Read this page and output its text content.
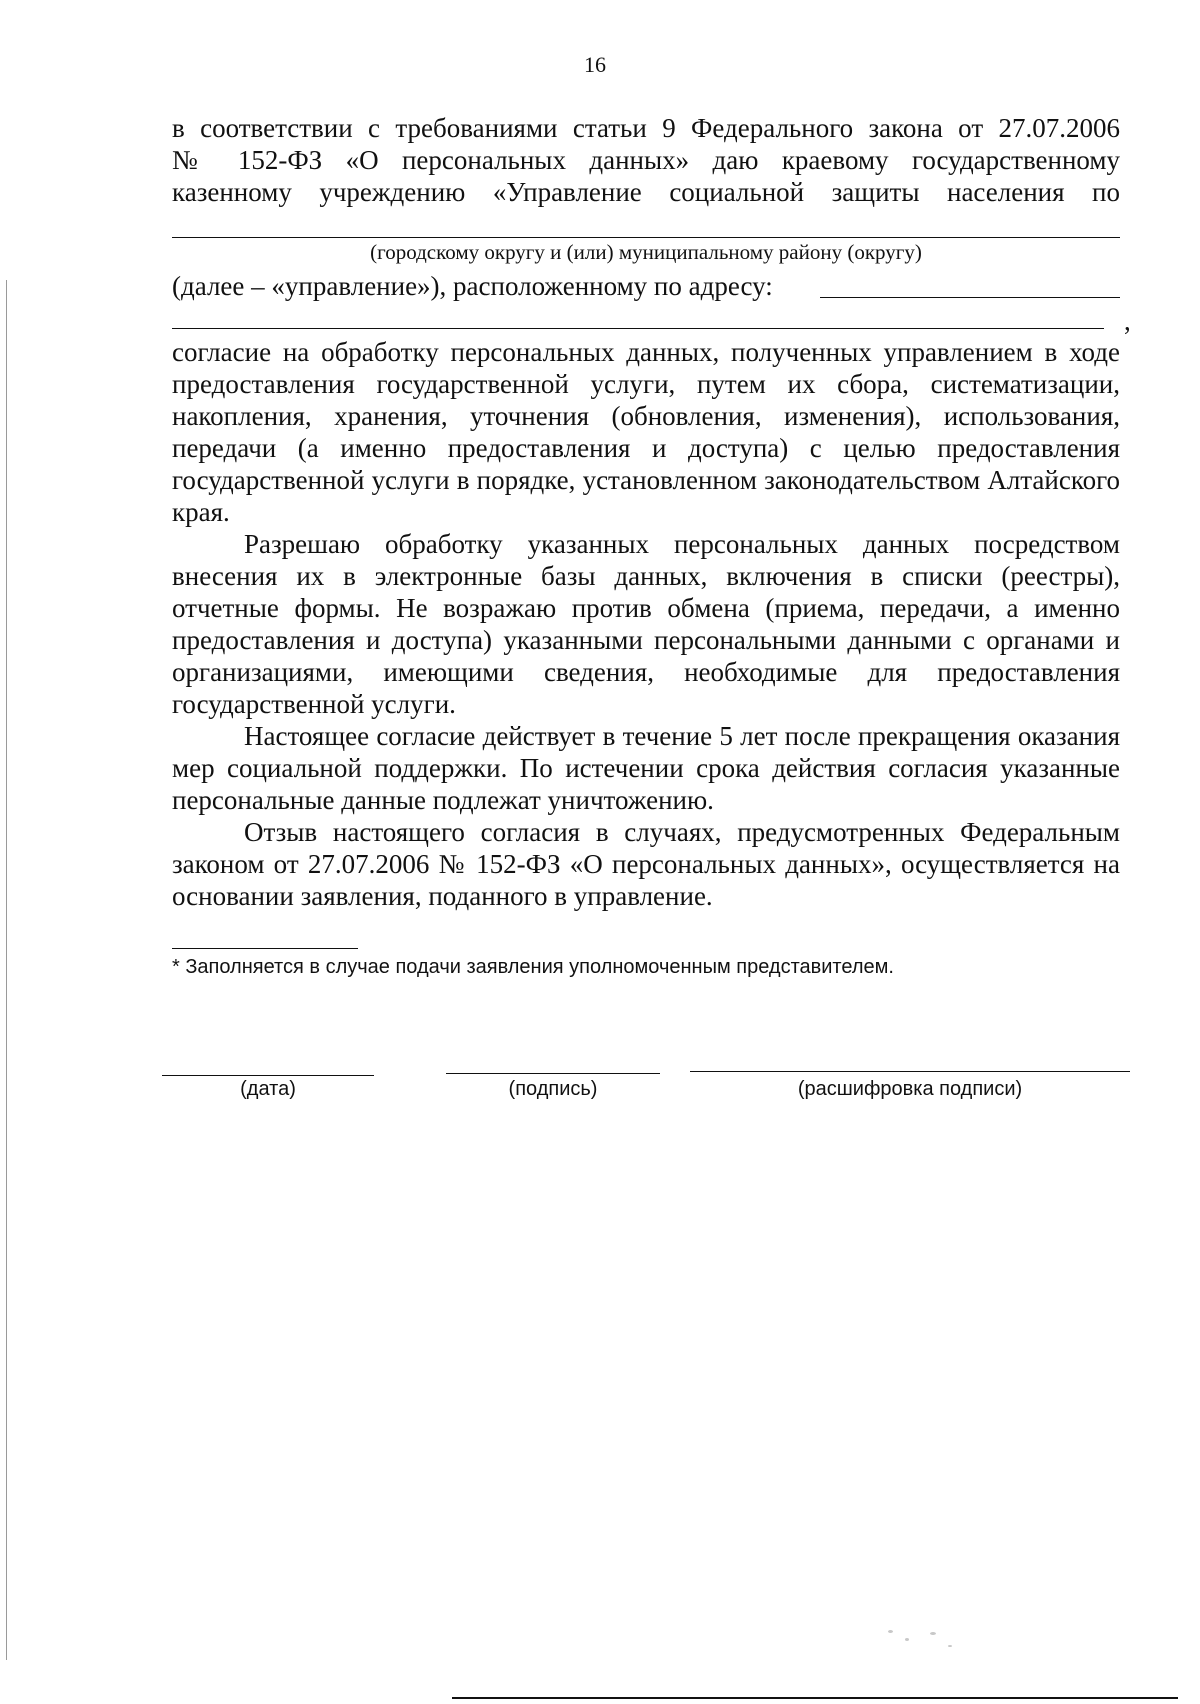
16
в соответствии с требованиями статьи 9 Федерального закона от 27.07.2006
№ 152-ФЗ «О персональных данных» даю краевому государственному
казенному учреждению «Управление социальной защиты населения по
(городскому округу и (или) муниципальному району (округу)
(далее – «управление»), расположенному по адресу:
,
согласие на обработку персональных данных, полученных управлением в ходе предоставления государственной услуги, путем их сбора, систематизации, накопления, хранения, уточнения (обновления, изменения), использования, передачи (а именно предоставления и доступа) с целью предоставления государственной услуги в порядке, установленном законодательством Алтайского края.
Разрешаю обработку указанных персональных данных посредством внесения их в электронные базы данных, включения в списки (реестры), отчетные формы. Не возражаю против обмена (приема, передачи, а именно предоставления и доступа) указанными персональными данными с органами и организациями, имеющими сведения, необходимые для предоставления государственной услуги.
Настоящее согласие действует в течение 5 лет после прекращения оказания мер социальной поддержки. По истечении срока действия согласия указанные персональные данные подлежат уничтожению.
Отзыв настоящего согласия в случаях, предусмотренных Федеральным законом от 27.07.2006 № 152-ФЗ «О персональных данных», осуществляется на основании заявления, поданного в управление.
* Заполняется в случае подачи заявления уполномоченным представителем.
(дата)	(подпись)	(расшифровка подписи)
